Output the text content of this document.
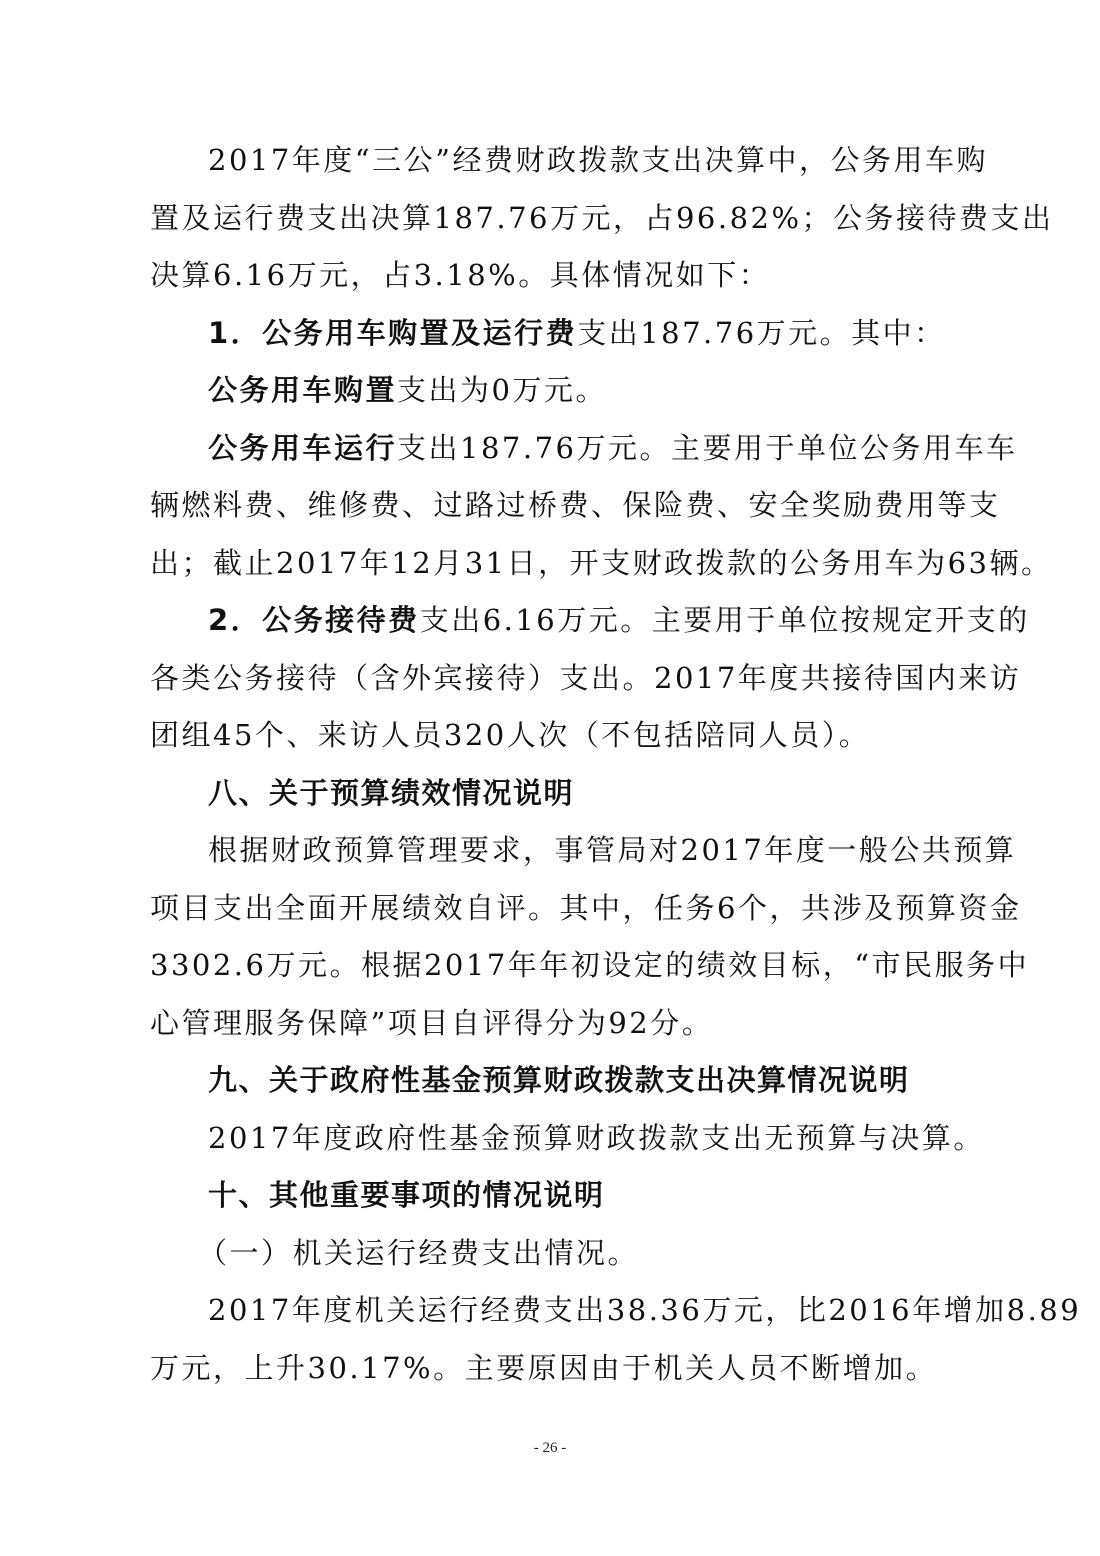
2017年度“三公”经费财政拨款支出决算中，公务用车购
置及运行费支出决算187.76万元，占96.82%；公务接待费支出
决算6.16万元，占3.18%。具体情况如下：
1．公务用车购置及运行费支出187.76万元。其中：
公务用车购置支出为0万元。
公务用车运行支出187.76万元。主要用于单位公务用车车
辆燃料费、维修费、过路过桥费、保险费、安全奖励费用等支
出；截止2017年12月31日，开支财政拨款的公务用车为63辆。
2．公务接待费支出6.16万元。主要用于单位按规定开支的
各类公务接待（含外宾接待）支出。2017年度共接待国内来访
团组45个、来访人员320人次（不包括陪同人员）。
八、关于预算绩效情况说明
根据财政预算管理要求，事管局对2017年度一般公共预算
项目支出全面开展绩效自评。其中，任务6个，共涉及预算资金
3302.6万元。根据2017年年初设定的绩效目标，“市民服务中
心管理服务保障”项目自评得分为92分。
九、关于政府性基金预算财政拨款支出决算情况说明
2017年度政府性基金预算财政拨款支出无预算与决算。
十、其他重要事项的情况说明
（一）机关运行经费支出情况。
2017年度机关运行经费支出38.36万元，比2016年增加8.89
万元，上升30.17%。主要原因由于机关人员不断增加。
- 26 -
